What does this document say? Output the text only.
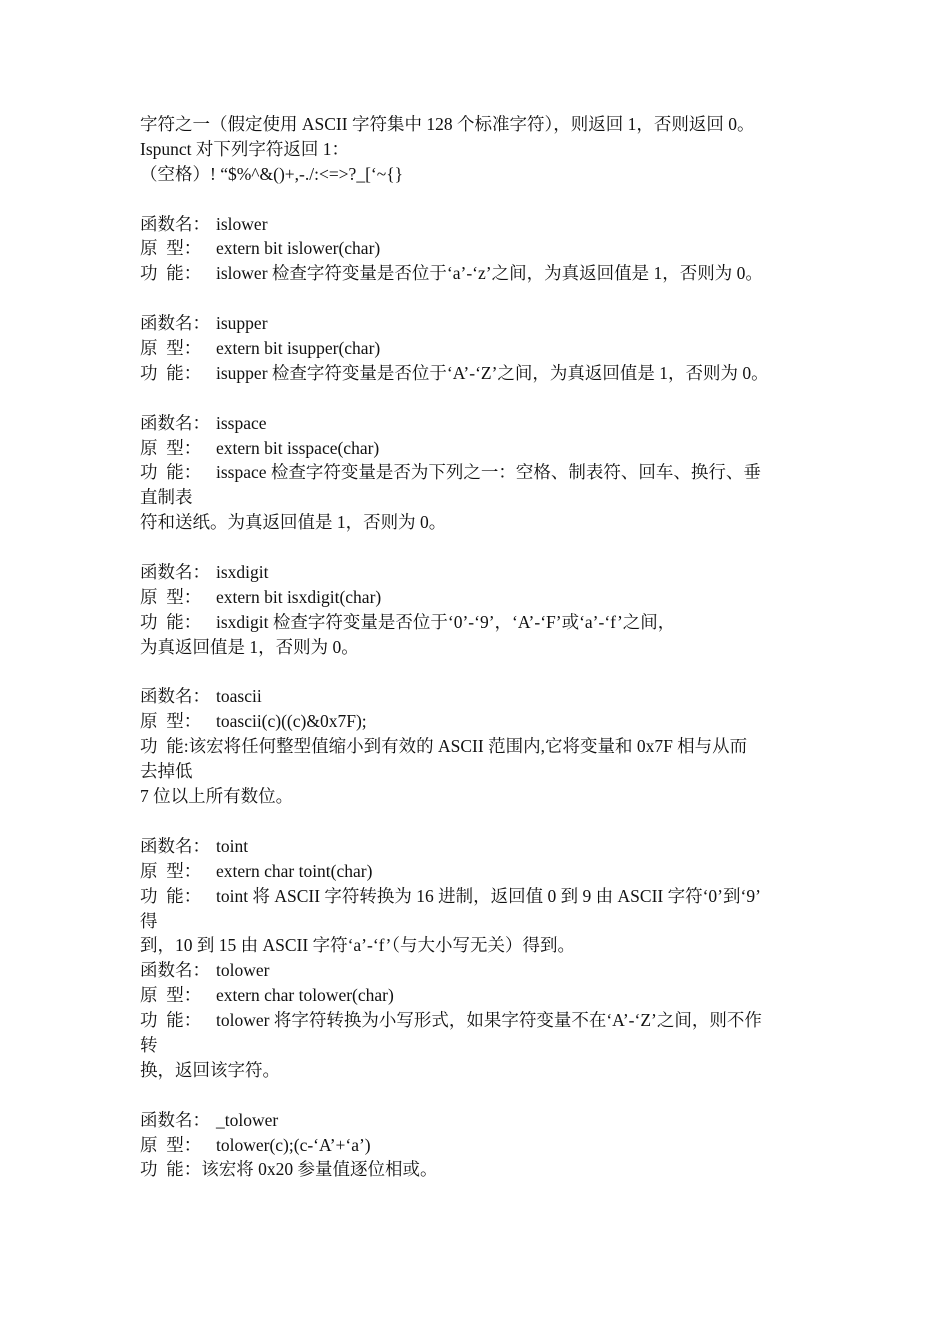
字符之一（假定使用 ASCII 字符集中 128 个标准字符），则返回 1，否则返回 0。
Ispunct 对下列字符返回 1：
（空格）! “$%^&()+,-./:<=>?_[‘~{}
函数名： islower
原  型： extern bit islower(char)
功  能： islower 检查字符变量是否位于‘a’-‘z’之间，为真返回值是 1，否则为 0。
函数名： isupper
原  型： extern bit isupper(char)
功  能： isupper 检查字符变量是否位于‘A’-‘Z’之间，为真返回值是 1，否则为 0。
函数名： isspace
原  型： extern bit isspace(char)
功  能： isspace 检查字符变量是否为下列之一：空格、制表符、回车、换行、垂
直制表
符和送纸。为真返回值是 1，否则为 0。
函数名： isxdigit
原  型： extern bit isxdigit(char)
功  能： isxdigit 检查字符变量是否位于‘0’-‘9’，‘A’-‘F’或‘a’-‘f’之间，
为真返回值是 1，否则为 0。
函数名： toascii
原  型： toascii(c)((c)&0x7F);
功  能:该宏将任何整型值缩小到有效的 ASCII 范围内,它将变量和 0x7F 相与从而
去掉低
7 位以上所有数位。
函数名： toint
原  型： extern char toint(char)
功  能： toint 将 ASCII 字符转换为 16 进制，返回值 0 到 9 由 ASCII 字符‘0’到‘9’
得
到，10 到 15 由 ASCII 字符‘a’-‘f’（与大小写无关）得到。
函数名： tolower
原  型： extern char tolower(char)
功  能： tolower 将字符转换为小写形式，如果字符变量不在‘A’-‘Z’之间，则不作
转
换，返回该字符。
函数名： _tolower
原  型： tolower(c);(c-‘A’+‘a’)
功  能：该宏将 0x20 参量值逐位相或。
